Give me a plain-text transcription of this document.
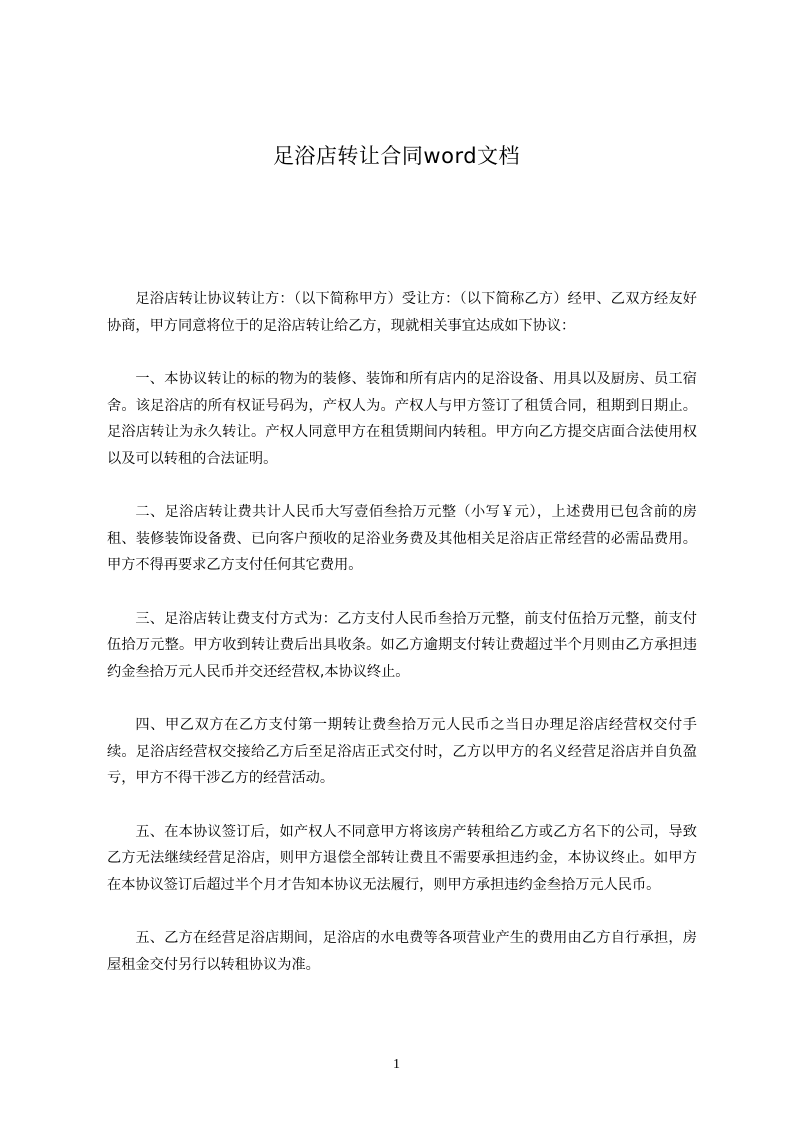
足浴店转让合同word文档

足浴店转让协议转让方：（以下简称甲方）受让方：（以下简称乙方）经甲、乙双方经友好协商，甲方同意将位于的足浴店转让给乙方，现就相关事宜达成如下协议：

一、本协议转让的标的物为的装修、装饰和所有店内的足浴设备、用具以及厨房、员工宿舍。该足浴店的所有权证号码为，产权人为。产权人与甲方签订了租赁合同，租期到日期止。足浴店转让为永久转让。产权人同意甲方在租赁期间内转租。甲方向乙方提交店面合法使用权以及可以转租的合法证明。

二、足浴店转让费共计人民币大写壹佰叁拾万元整（小写￥元），上述费用已包含前的房租、装修装饰设备费、已向客户预收的足浴业务费及其他相关足浴店正常经营的必需品费用。甲方不得再要求乙方支付任何其它费用。

三、足浴店转让费支付方式为：乙方支付人民币叁拾万元整，前支付伍拾万元整，前支付伍拾万元整。甲方收到转让费后出具收条。如乙方逾期支付转让费超过半个月则由乙方承担违约金叁拾万元人民币并交还经营权,本协议终止。

四、甲乙双方在乙方支付第一期转让费叁拾万元人民币之当日办理足浴店经营权交付手续。足浴店经营权交接给乙方后至足浴店正式交付时，乙方以甲方的名义经营足浴店并自负盈亏，甲方不得干涉乙方的经营活动。

五、在本协议签订后，如产权人不同意甲方将该房产转租给乙方或乙方名下的公司，导致乙方无法继续经营足浴店，则甲方退偿全部转让费且不需要承担违约金，本协议终止。如甲方在本协议签订后超过半个月才告知本协议无法履行，则甲方承担违约金叁拾万元人民币。

五、乙方在经营足浴店期间，足浴店的水电费等各项营业产生的费用由乙方自行承担，房屋租金交付另行以转租协议为准。

1
